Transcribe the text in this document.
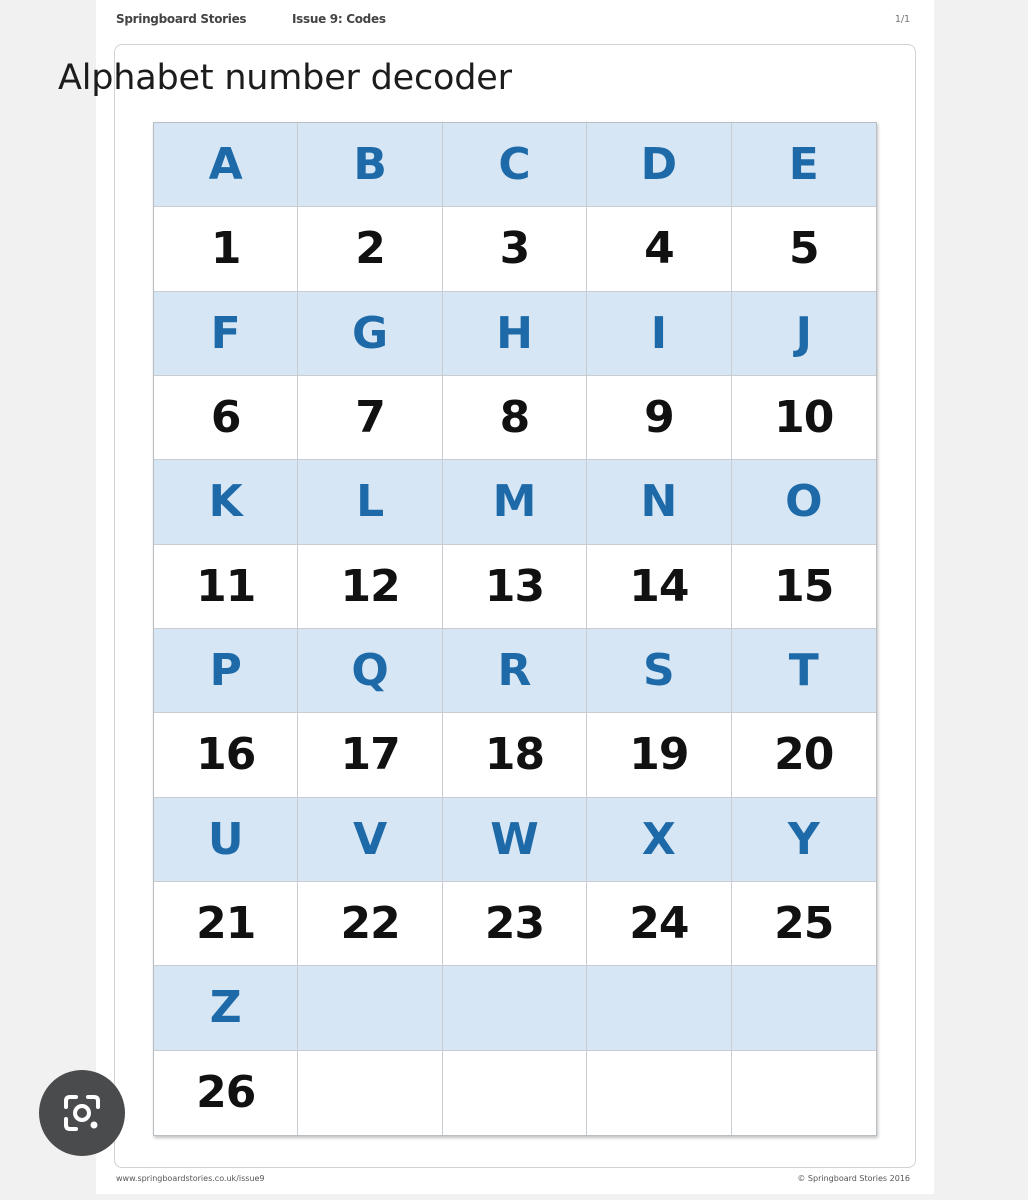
Springboard Stories	Issue 9: Codes	1/1
www.springboardstories.co.uk/issue9	© Springboard Stories 2016
Alphabet number decoder
A	B	C	D	E
1	2	3	4	5
F	G	H	I	J
6	7	8	9	10
K	L	M	N	O
11	12	13	14	15
P	Q	R	S	T
16	17	18	19	20
U	V	W	X	Y
21	22	23	24	25
Z
26
